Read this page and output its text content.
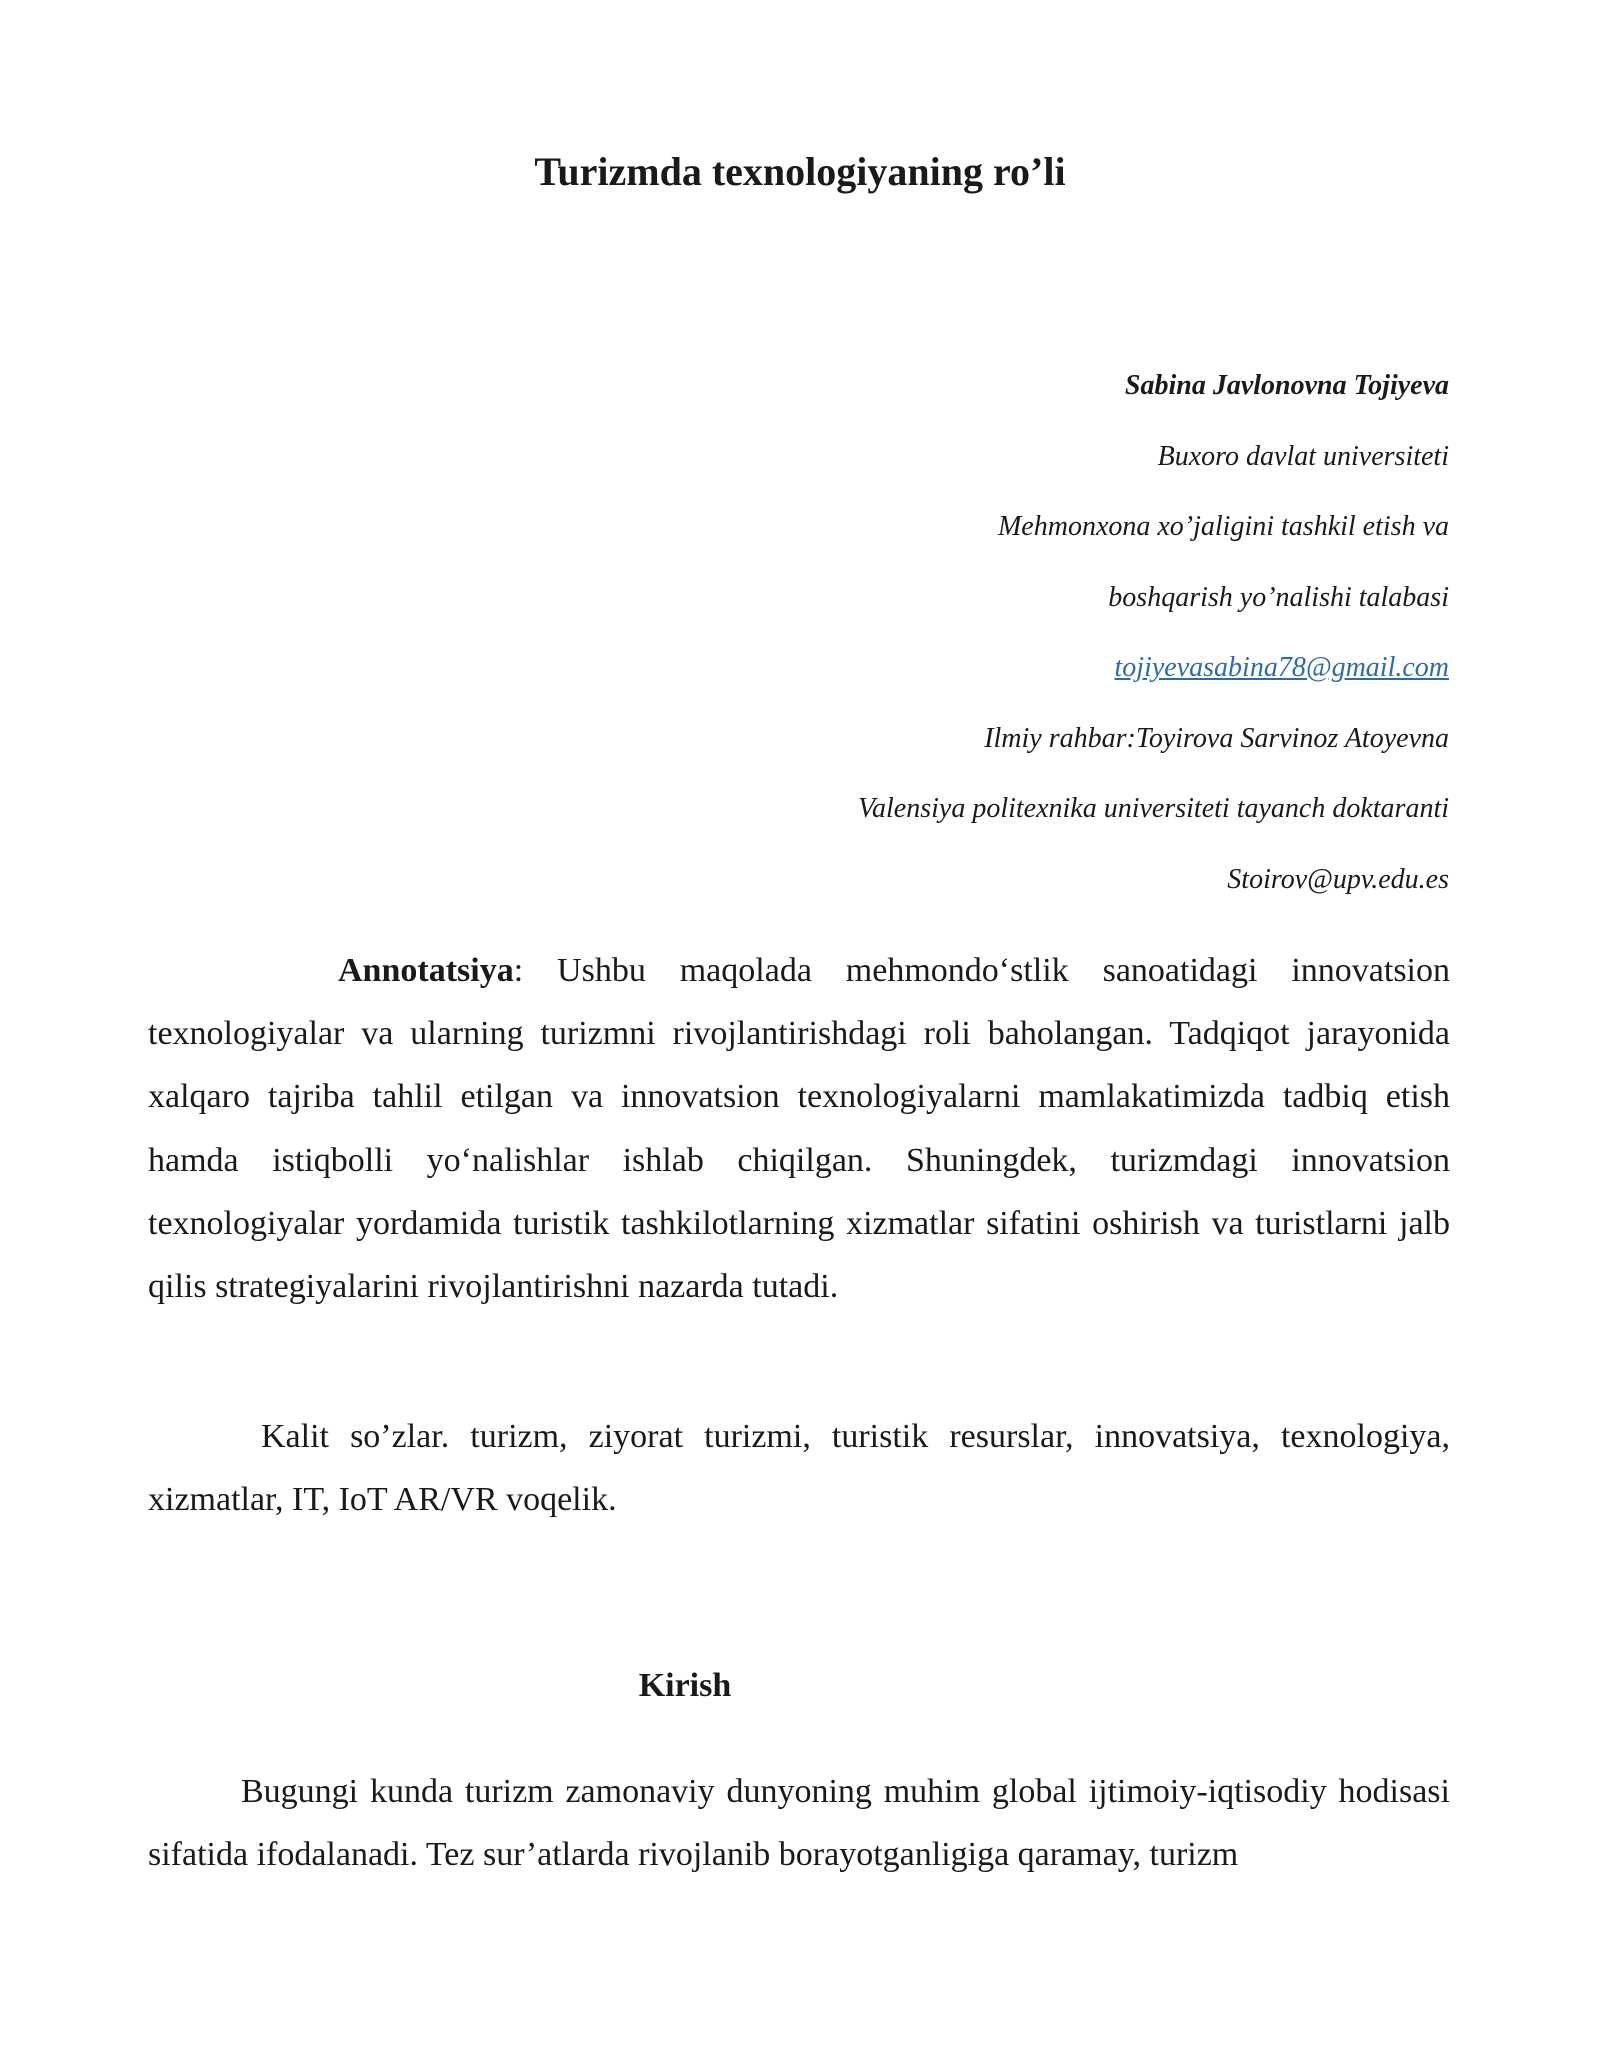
Turizmda texnologiyaning ro’li
Sabina Javlonovna Tojiyeva
Buxoro davlat universiteti
Mehmonxona xo’jaligini tashkil etish va
boshqarish yo’nalishi talabasi
tojiyevasabina78@gmail.com
Ilmiy rahbar:Toyirova Sarvinoz Atoyevna
Valensiya politexnika universiteti tayanch doktaranti
Stoirov@upv.edu.es
Annotatsiya: Ushbu maqolada mehmondo‘stlik sanoatidagi innovatsion texnologiyalar va ularning turizmni rivojlantirishdagi roli baholangan. Tadqiqot jarayonida xalqaro tajriba tahlil etilgan va innovatsion texnologiyalarni mamlakatimizda tadbiq etish hamda istiqbolli yo‘nalishlar ishlab chiqilgan. Shuningdek, turizmdagi innovatsion texnologiyalar yordamida turistik tashkilotlarning xizmatlar sifatini oshirish va turistlarni jalb qilis strategiyalarini rivojlantirishni nazarda tutadi.
Kalit so’zlar. turizm, ziyorat turizmi, turistik resurslar, innovatsiya, texnologiya, xizmatlar, IT, IoT AR/VR voqelik.
Kirish
Bugungi kunda turizm zamonaviy dunyoning muhim global ijtimoiy-iqtisodiy hodisasi sifatida ifodalanadi. Tez sur’atlarda rivojlanib borayotganligiga qaramay, turizm
